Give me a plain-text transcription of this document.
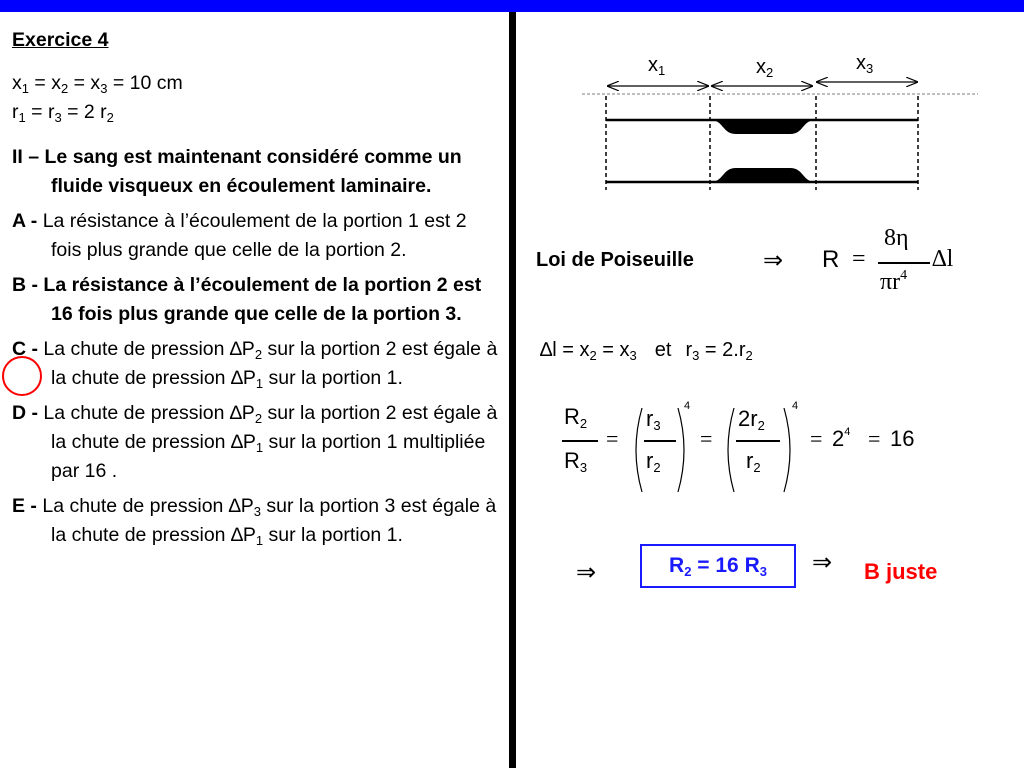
Exercice 4
$x_1 = x_2 = x_3 = 10$ cm
$r_1 = r_3 = 2$ $r_2$
II – Le sang est maintenant considéré comme un fluide visqueux en écoulement laminaire.
A - La résistance à l’écoulement de la portion 1 est 2 fois plus grande que celle de la portion 2.
B - La résistance à l’écoulement de la portion 2 est 16 fois plus grande que celle de la portion 3.
C - La chute de pression $\Delta P_2$ sur la portion 2 est égale à la chute de pression $\Delta P_1$ sur la portion 1.
D - La chute de pression $\Delta P_2$ sur la portion 2 est égale à la chute de pression $\Delta P_1$ sur la portion 1 multipliée par 16 .
E - La chute de pression $\Delta P_3$ sur la portion 3 est égale à la chute de pression $\Delta P_1$ sur la portion 1.
$x_1$	$x_2$	$x_3$
Loi de Poiseuille	⇒ R =
8η
$\pi r^4$
∆l
$\Delta l = x_2 = x_3$ et $r_3 = 2.r_2$
$R_2$
$R_3$
=
$r_3$
$r_2$
4
=
$2r_2$
$r_2$
4
= $2^4 = 16$
⇒	$R_2 = 16$ $R_3$	⇒ B juste
